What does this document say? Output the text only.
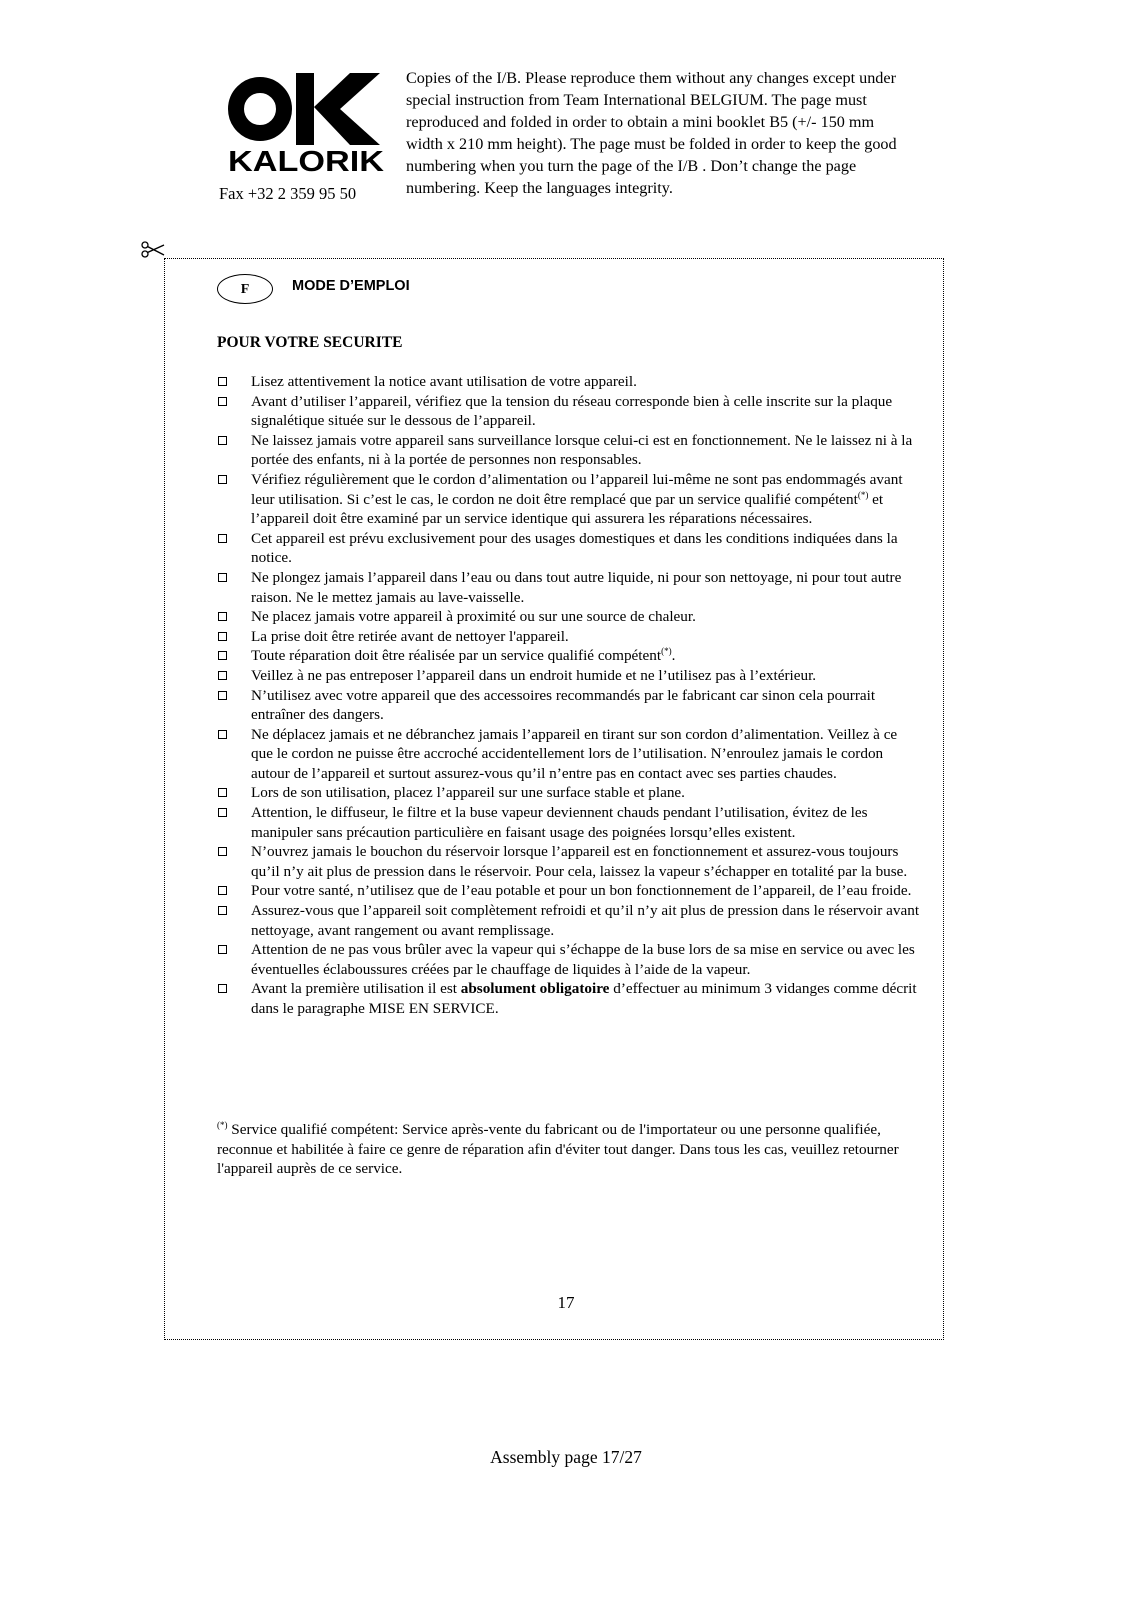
KALORIK
Fax +32 2 359 95 50
Copies of the I/B. Please reproduce them without any changes except under special instruction from Team International BELGIUM. The page must reproduced and folded in order to obtain a mini booklet B5 (+/- 150 mm width x 210 mm height). The page must be folded in order to keep the good numbering when you turn the page of the I/B . Don’t change the page numbering. Keep the languages integrity.
F	MODE D’EMPLOI
POUR VOTRE SECURITE
Lisez attentivement la notice avant utilisation de votre appareil.
Avant d’utiliser l’appareil, vérifiez que la tension du réseau corresponde bien à celle inscrite sur la plaque signalétique située sur le dessous de l’appareil.
Ne laissez jamais votre appareil sans surveillance lorsque celui-ci est en fonctionnement. Ne le laissez ni à la portée des enfants, ni à la portée de personnes non responsables.
Vérifiez régulièrement que le cordon d’alimentation ou l’appareil lui-même ne sont pas endommagés avant leur utilisation. Si c’est le cas, le cordon ne doit être remplacé que par un service qualifié compétent(*) et l’appareil doit être examiné par un service identique qui assurera les réparations nécessaires.
Cet appareil est prévu exclusivement pour des usages domestiques et dans les conditions indiquées dans la notice.
Ne plongez jamais l’appareil dans l’eau ou dans tout autre liquide, ni pour son nettoyage, ni pour tout autre raison. Ne le mettez jamais au lave-vaisselle.
Ne placez jamais votre appareil à proximité ou sur une source de chaleur.
La prise doit être retirée avant de nettoyer l'appareil.
Toute réparation doit être réalisée par un service qualifié compétent(*).
Veillez à ne pas entreposer l’appareil dans un endroit humide et ne l’utilisez pas à l’extérieur.
N’utilisez avec votre appareil que des accessoires recommandés par le fabricant car sinon cela pourrait entraîner des dangers.
Ne déplacez jamais et ne débranchez jamais l’appareil en tirant sur son cordon d’alimentation. Veillez à ce que le cordon ne puisse être accroché accidentellement lors de l’utilisation. N’enroulez jamais le cordon autour de l’appareil et surtout assurez-vous qu’il n’entre pas en contact avec ses parties chaudes.
Lors de son utilisation, placez l’appareil sur une surface stable et plane.
Attention, le diffuseur, le filtre et la buse vapeur deviennent chauds pendant l’utilisation, évitez de les manipuler sans précaution particulière en faisant usage des poignées lorsqu’elles existent.
N’ouvrez jamais le bouchon du réservoir lorsque l’appareil est en fonctionnement et assurez-vous toujours qu’il n’y ait plus de pression dans le réservoir. Pour cela, laissez la vapeur s’échapper en totalité par la buse.
Pour votre santé, n’utilisez que de l’eau potable et pour un bon fonctionnement de l’appareil, de l’eau froide.
Assurez-vous que l’appareil soit complètement refroidi et qu’il n’y ait plus de pression dans le réservoir avant nettoyage, avant rangement ou avant remplissage.
Attention de ne pas vous brûler avec la vapeur qui s’échappe de la buse lors de sa mise en service ou avec les éventuelles éclaboussures créées par le chauffage de liquides à l’aide de la vapeur.
Avant la première utilisation il est absolument obligatoire d’effectuer au minimum 3 vidanges comme décrit dans le paragraphe MISE EN SERVICE.
(*) Service qualifié compétent: Service après-vente du fabricant ou de l'importateur ou une personne qualifiée, reconnue et habilitée à faire ce genre de réparation afin d'éviter tout danger. Dans tous les cas, veuillez retourner l'appareil auprès de ce service.
17
Assembly page 17/27
